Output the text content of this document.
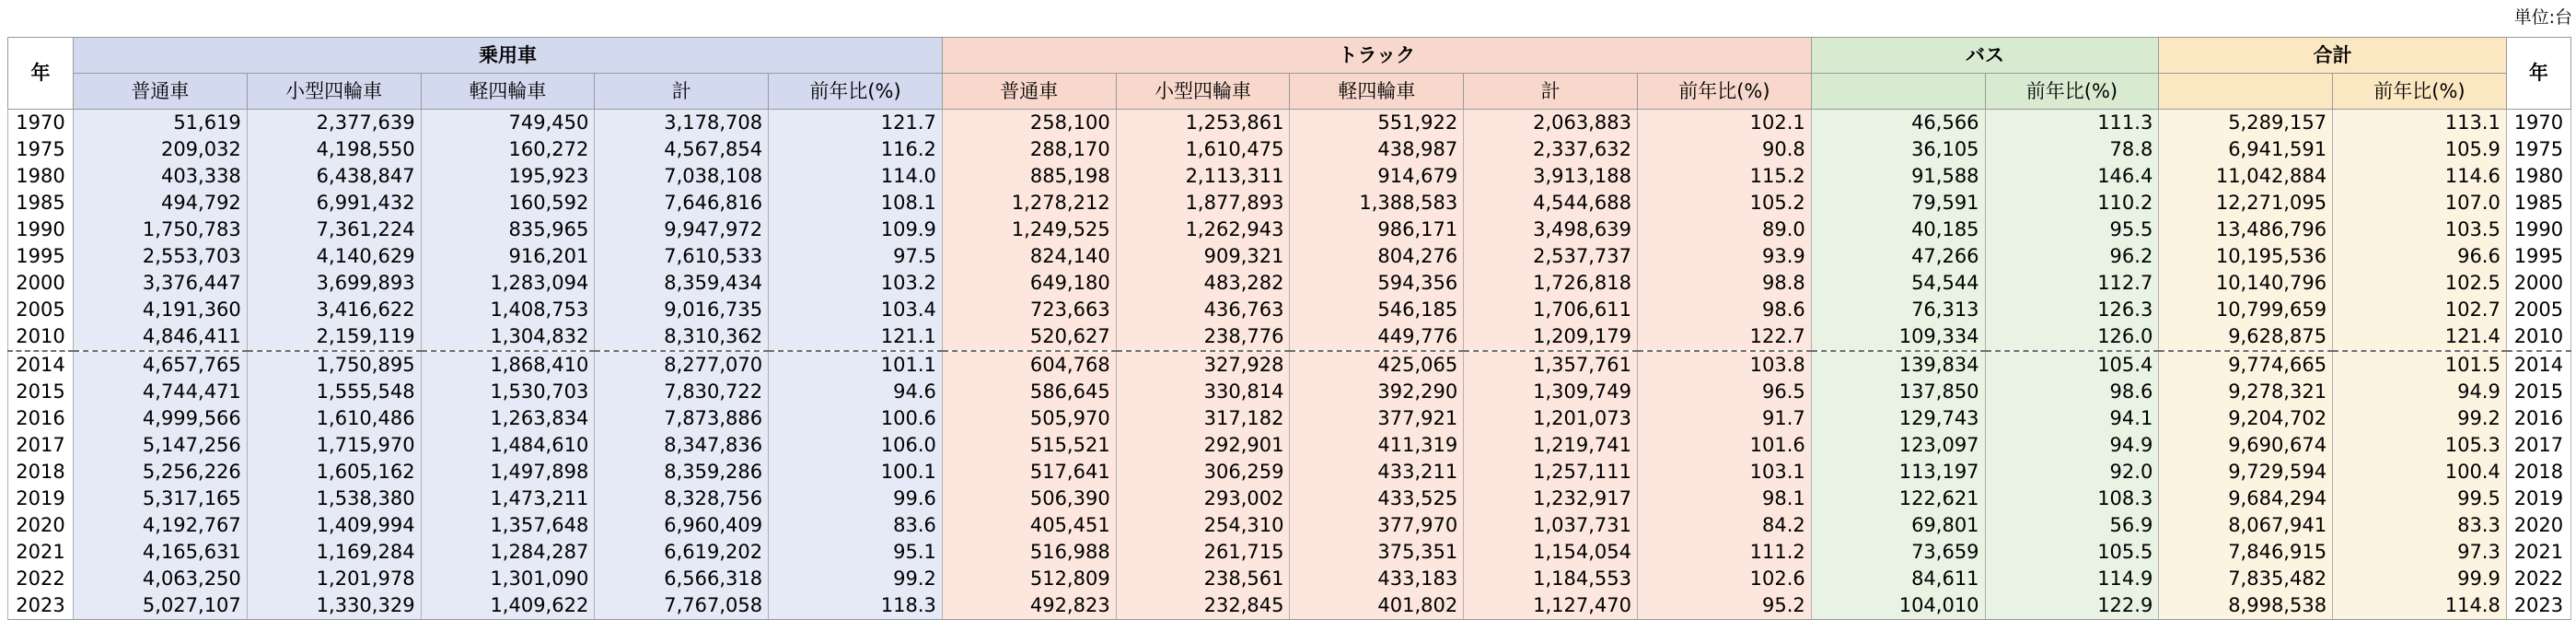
単位:台
年	乗用車					トラック					バス		合計		年
	普通車	小型四輪車	軽四輪車	計	前年比(%)	普通車	小型四輪車	軽四輪車	計	前年比(%)		前年比(%)		前年比(%)	
1970	51,619	2,377,639	749,450	3,178,708	121.7	258,100	1,253,861	551,922	2,063,883	102.1	46,566	111.3	5,289,157	113.1	1970
1975	209,032	4,198,550	160,272	4,567,854	116.2	288,170	1,610,475	438,987	2,337,632	90.8	36,105	78.8	6,941,591	105.9	1975
1980	403,338	6,438,847	195,923	7,038,108	114.0	885,198	2,113,311	914,679	3,913,188	115.2	91,588	146.4	11,042,884	114.6	1980
1985	494,792	6,991,432	160,592	7,646,816	108.1	1,278,212	1,877,893	1,388,583	4,544,688	105.2	79,591	110.2	12,271,095	107.0	1985
1990	1,750,783	7,361,224	835,965	9,947,972	109.9	1,249,525	1,262,943	986,171	3,498,639	89.0	40,185	95.5	13,486,796	103.5	1990
1995	2,553,703	4,140,629	916,201	7,610,533	97.5	824,140	909,321	804,276	2,537,737	93.9	47,266	96.2	10,195,536	96.6	1995
2000	3,376,447	3,699,893	1,283,094	8,359,434	103.2	649,180	483,282	594,356	1,726,818	98.8	54,544	112.7	10,140,796	102.5	2000
2005	4,191,360	3,416,622	1,408,753	9,016,735	103.4	723,663	436,763	546,185	1,706,611	98.6	76,313	126.3	10,799,659	102.7	2005
2010	4,846,411	2,159,119	1,304,832	8,310,362	121.1	520,627	238,776	449,776	1,209,179	122.7	109,334	126.0	9,628,875	121.4	2010
2014	4,657,765	1,750,895	1,868,410	8,277,070	101.1	604,768	327,928	425,065	1,357,761	103.8	139,834	105.4	9,774,665	101.5	2014
2015	4,744,471	1,555,548	1,530,703	7,830,722	94.6	586,645	330,814	392,290	1,309,749	96.5	137,850	98.6	9,278,321	94.9	2015
2016	4,999,566	1,610,486	1,263,834	7,873,886	100.6	505,970	317,182	377,921	1,201,073	91.7	129,743	94.1	9,204,702	99.2	2016
2017	5,147,256	1,715,970	1,484,610	8,347,836	106.0	515,521	292,901	411,319	1,219,741	101.6	123,097	94.9	9,690,674	105.3	2017
2018	5,256,226	1,605,162	1,497,898	8,359,286	100.1	517,641	306,259	433,211	1,257,111	103.1	113,197	92.0	9,729,594	100.4	2018
2019	5,317,165	1,538,380	1,473,211	8,328,756	99.6	506,390	293,002	433,525	1,232,917	98.1	122,621	108.3	9,684,294	99.5	2019
2020	4,192,767	1,409,994	1,357,648	6,960,409	83.6	405,451	254,310	377,970	1,037,731	84.2	69,801	56.9	8,067,941	83.3	2020
2021	4,165,631	1,169,284	1,284,287	6,619,202	95.1	516,988	261,715	375,351	1,154,054	111.2	73,659	105.5	7,846,915	97.3	2021
2022	4,063,250	1,201,978	1,301,090	6,566,318	99.2	512,809	238,561	433,183	1,184,553	102.6	84,611	114.9	7,835,482	99.9	2022
2023	5,027,107	1,330,329	1,409,622	7,767,058	118.3	492,823	232,845	401,802	1,127,470	95.2	104,010	122.9	8,998,538	114.8	2023
